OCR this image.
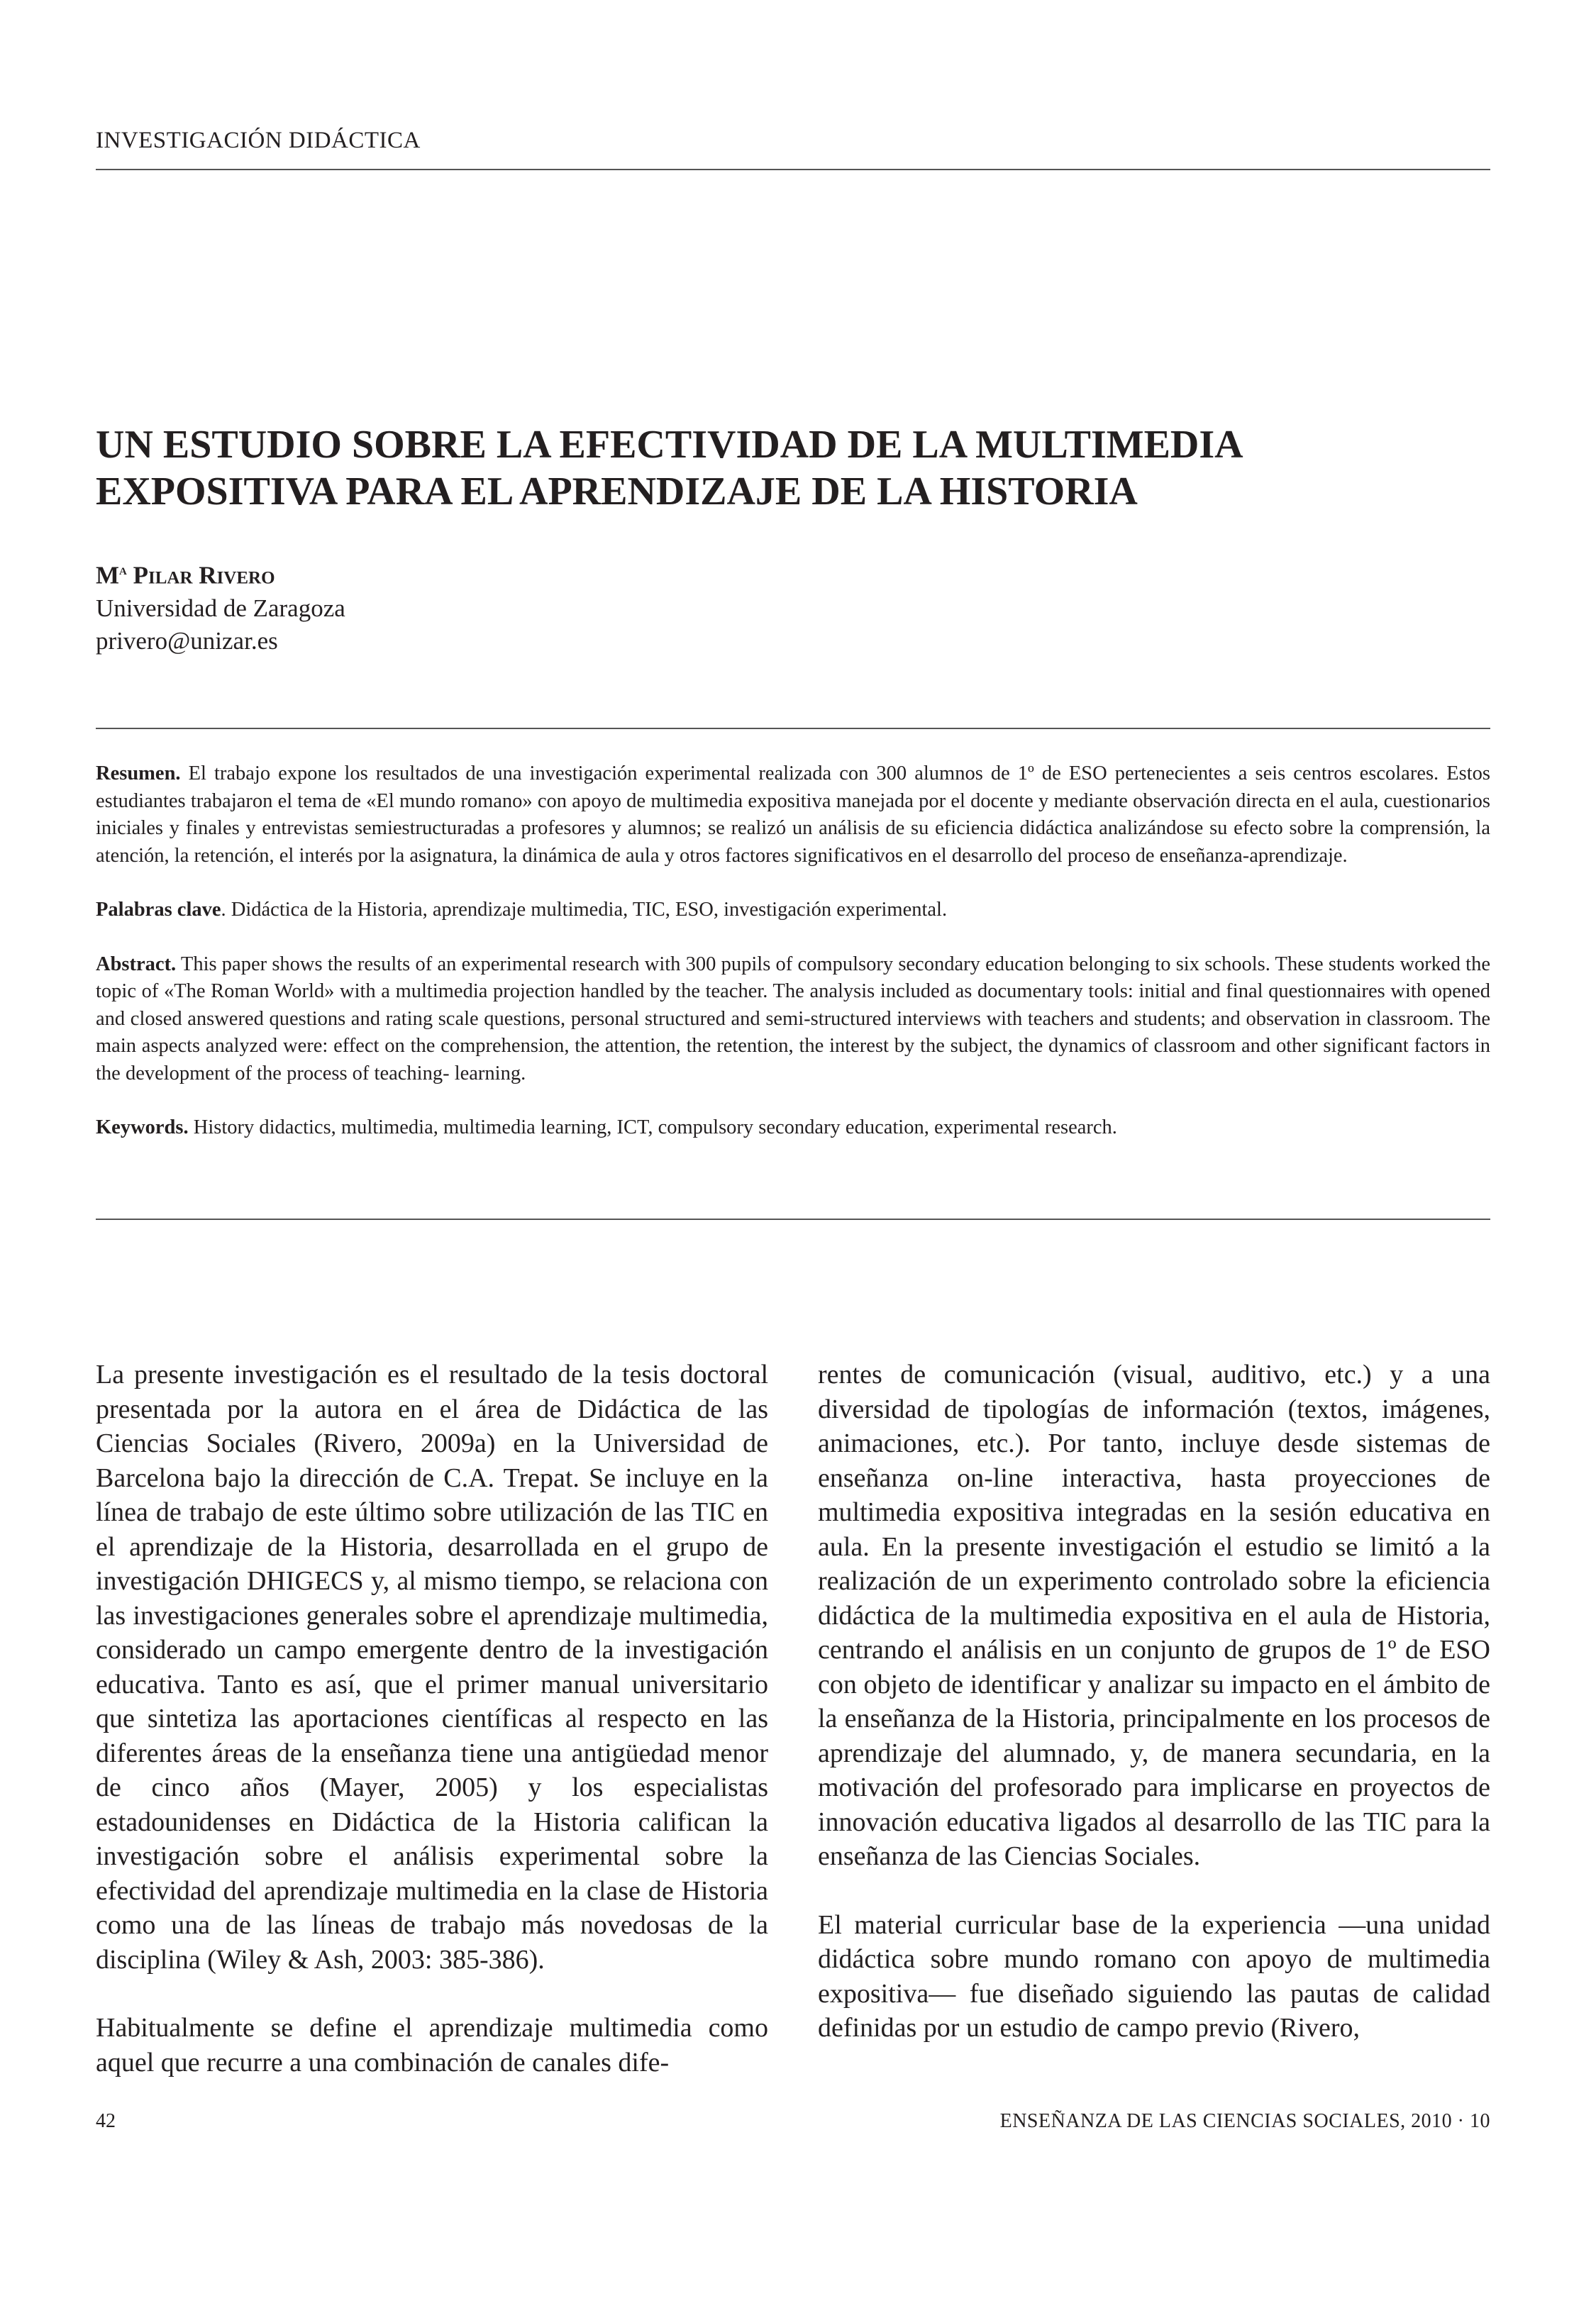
INVESTIGACIÓN DIDÁCTICA
UN ESTUDIO SOBRE LA EFECTIVIDAD DE LA MULTIMEDIA
EXPOSITIVA PARA EL APRENDIZAJE DE LA HISTORIA
$M^a$ Pilar Rivero
Universidad de Zaragoza
privero@unizar.es

Resumen. El trabajo expone los resultados de una investigación experimental realizada con 300 alumnos de 1º de ESO pertenecientes a seis centros escolares. Estos estudiantes trabajaron el tema de «El mundo romano» con apoyo de multimedia expositiva manejada por el docente y mediante observación directa en el aula, cuestionarios iniciales y finales y entrevistas semiestructuradas a profesores y alumnos; se realizó un análisis de su eficiencia didáctica analizándose su efecto sobre la comprensión, la atención, la retención, el interés por la asignatura, la dinámica de aula y otros factores significativos en el desarrollo del proceso de enseñanza-aprendizaje.

Palabras clave. Didáctica de la Historia, aprendizaje multimedia, TIC, ESO, investigación experimental.

Abstract. This paper shows the results of an experimental research with 300 pupils of compulsory secondary education belonging to six schools. These students worked the topic of «The Roman World» with a multimedia projection handled by the teacher. The analysis included as documentary tools: initial and final questionnaires with opened and closed answered questions and rating scale questions, personal structured and semi-structured interviews with teachers and students; and observation in classroom. The main aspects analyzed were: effect on the comprehension, the attention, the retention, the interest by the subject, the dynamics of classroom and other significant factors in the development of the process of teaching- learning.

Keywords. History didactics, multimedia, multimedia learning, ICT, compulsory secondary education, experimental research.

La presente investigación es el resultado de la tesis doctoral presentada por la autora en el área de Didáctica de las Ciencias Sociales (Rivero, 2009a) en la Universidad de Barcelona bajo la dirección de C.A. Trepat. Se incluye en la línea de trabajo de este último sobre utilización de las TIC en el aprendizaje de la Historia, desarrollada en el grupo de investigación DHIGECS y, al mismo tiempo, se relaciona con las investigaciones generales sobre el aprendizaje multimedia, considerado un campo emergente dentro de la investigación educativa. Tanto es así, que el primer manual universitario que sintetiza las aportaciones científicas al respecto en las diferentes áreas de la enseñanza tiene una antigüedad menor de cinco años (Mayer, 2005) y los especialistas estadounidenses en Didáctica de la Historia califican la investigación sobre el análisis experimental sobre la efectividad del aprendizaje multimedia en la clase de Historia como una de las líneas de trabajo más novedosas de la disciplina (Wiley & Ash, 2003: 385-386).

Habitualmente se define el aprendizaje multimedia como aquel que recurre a una combinación de canales dife-

rentes de comunicación (visual, auditivo, etc.) y a una diversidad de tipologías de información (textos, imágenes, animaciones, etc.). Por tanto, incluye desde sistemas de enseñanza on-line interactiva, hasta proyecciones de multimedia expositiva integradas en la sesión educativa en aula. En la presente investigación el estudio se limitó a la realización de un experimento controlado sobre la eficiencia didáctica de la multimedia expositiva en el aula de Historia, centrando el análisis en un conjunto de grupos de 1º de ESO con objeto de identificar y analizar su impacto en el ámbito de la enseñanza de la Historia, principalmente en los procesos de aprendizaje del alumnado, y, de manera secundaria, en la motivación del profesorado para implicarse en proyectos de innovación educativa ligados al desarrollo de las TIC para la enseñanza de las Ciencias Sociales.

El material curricular base de la experiencia —una unidad didáctica sobre mundo romano con apoyo de multimedia expositiva— fue diseñado siguiendo las pautas de calidad definidas por un estudio de campo previo (Rivero,

42	ENSEÑANZA DE LAS CIENCIAS SOCIALES, 2010 · 10
